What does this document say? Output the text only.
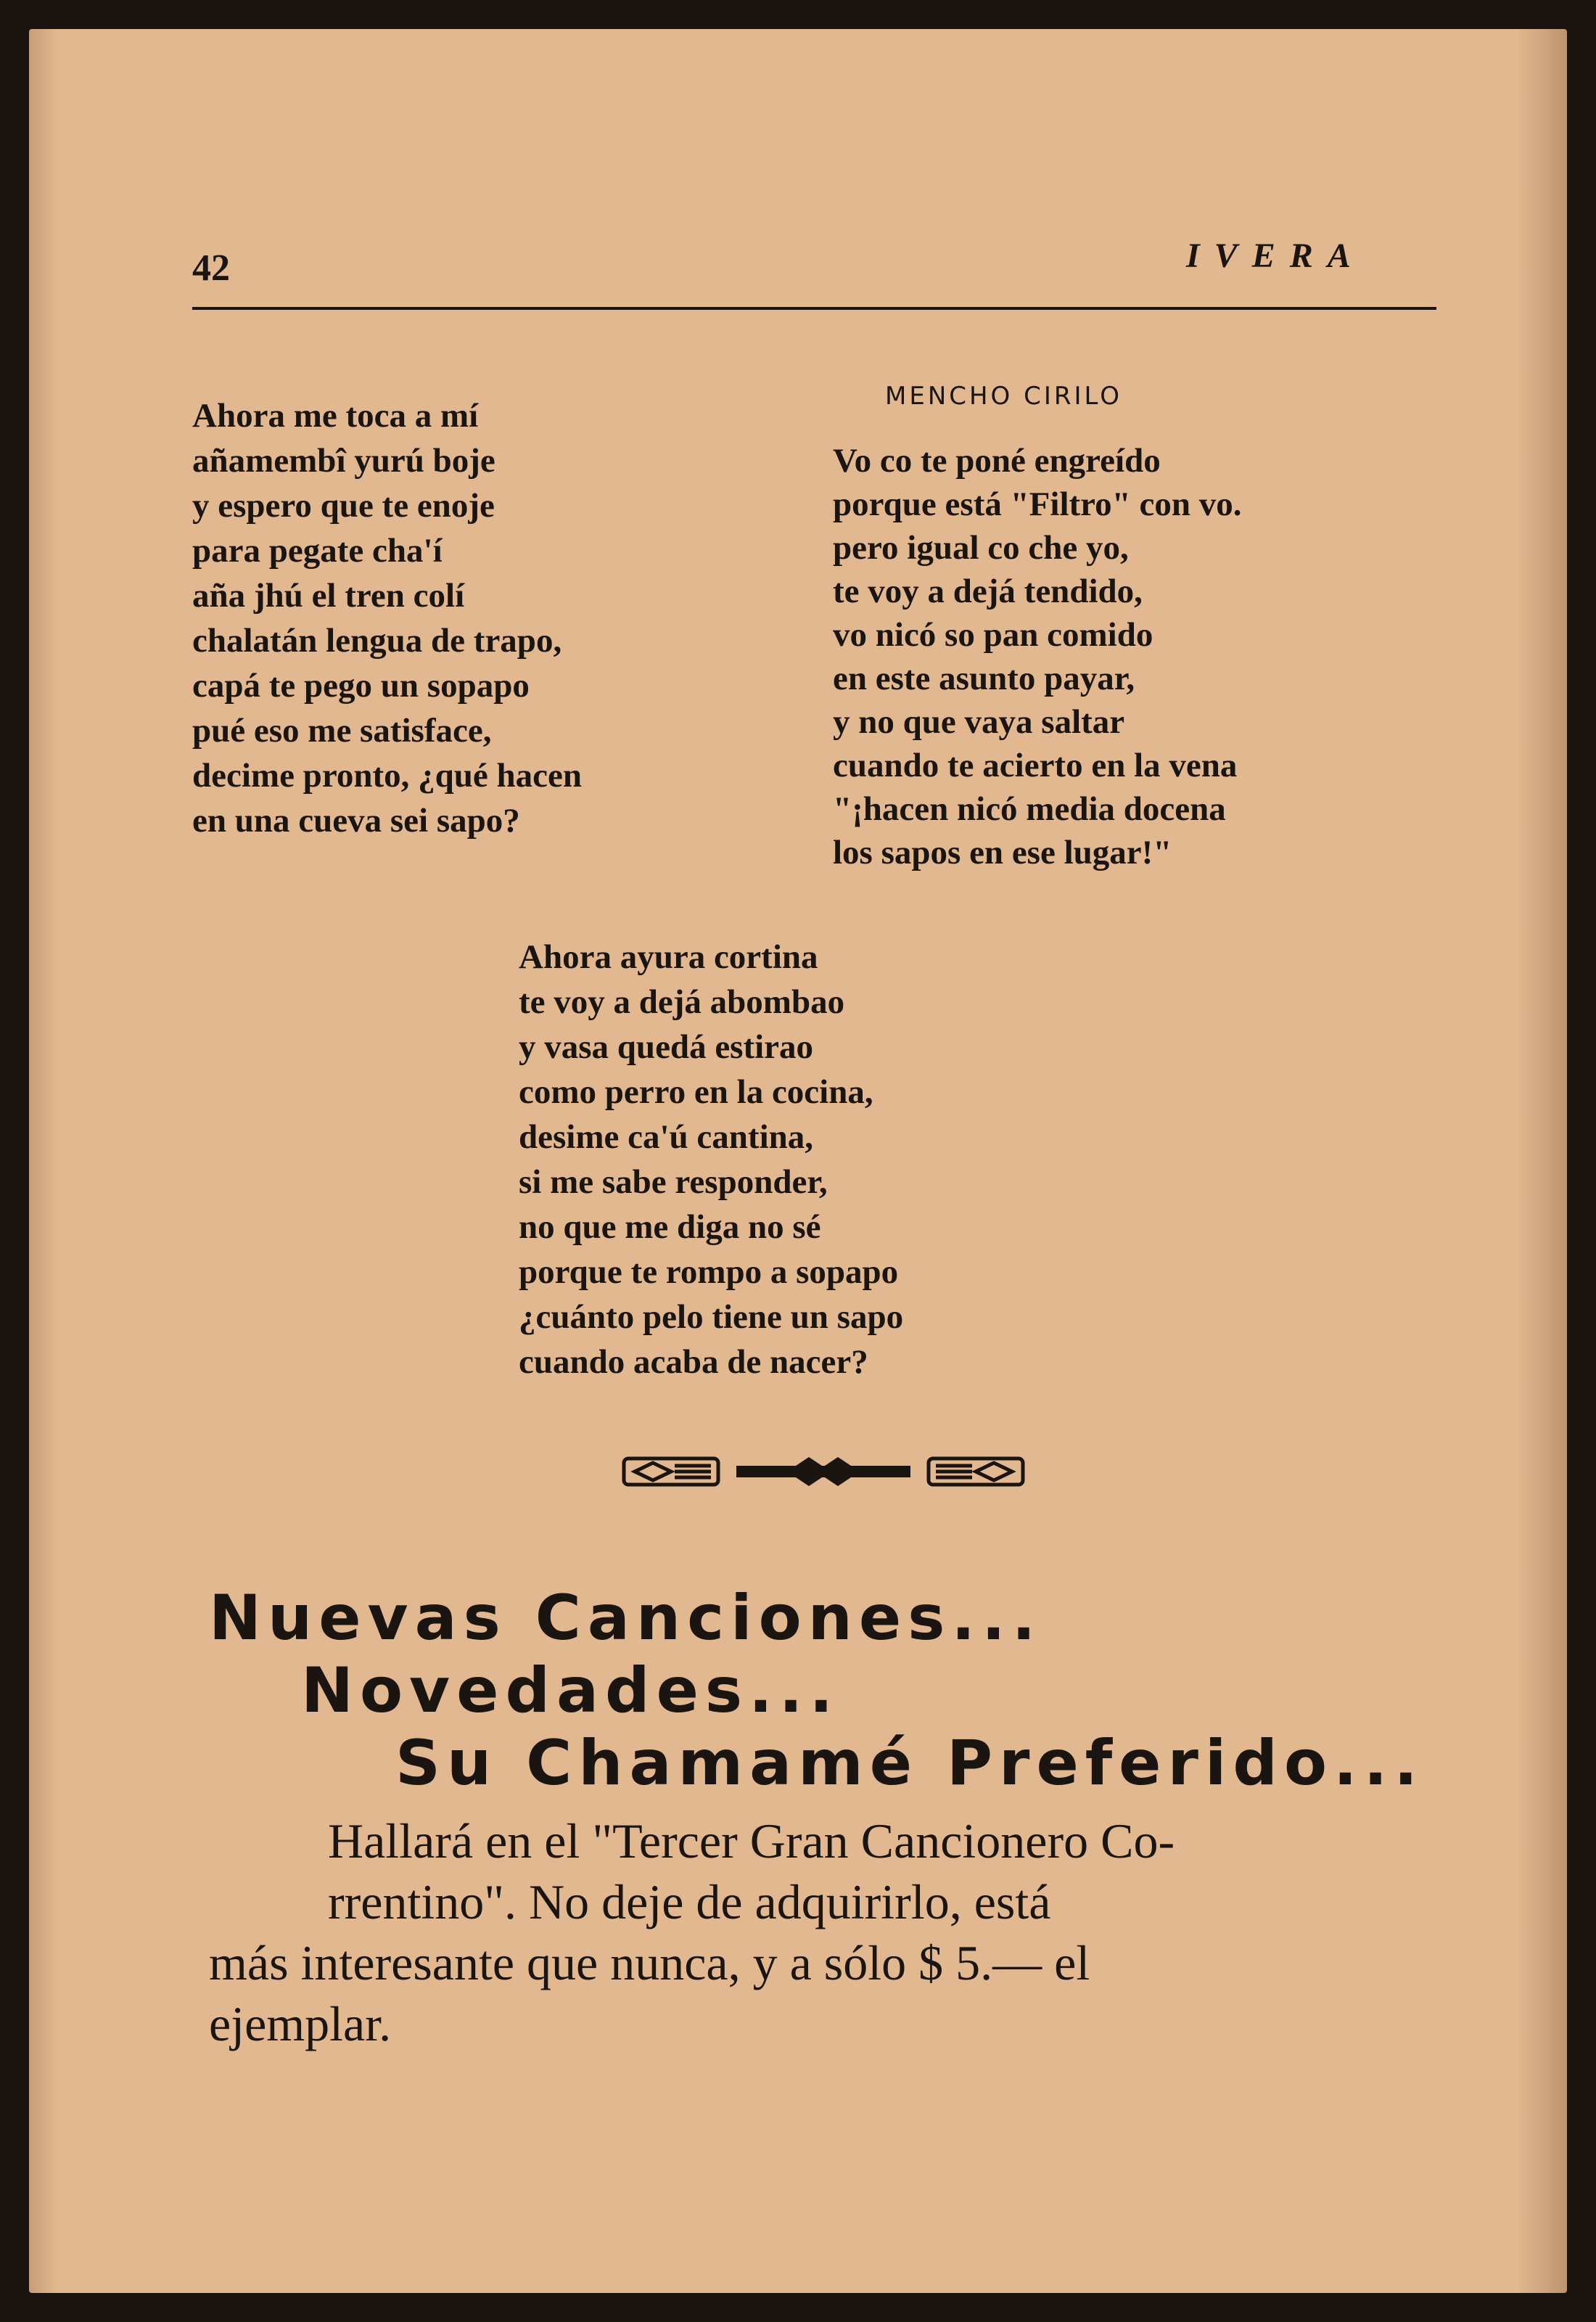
42	IVERA
Ahora me toca a mí
añamembî yurú boje
y espero que te enoje
para pegate cha'í
aña jhú el tren colí
chalatán lengua de trapo,
capá te pego un sopapo
pué eso me satisface,
decime pronto, ¿qué hacen
en una cueva sei sapo?
MENCHO CIRILO
Vo co te poné engreído
porque está "Filtro" con vo.
pero igual co che yo,
te voy a dejá tendido,
vo nicó so pan comido
en este asunto payar,
y no que vaya saltar
cuando te acierto en la vena
"¡hacen nicó media docena
los sapos en ese lugar!"
Ahora ayura cortina
te voy a dejá abombao
y vasa quedá estirao
como perro en la cocina,
desime ca'ú cantina,
si me sabe responder,
no que me diga no sé
porque te rompo a sopapo
¿cuánto pelo tiene un sapo
cuando acaba de nacer?
Nuevas Canciones...
Novedades...
Su Chamamé Preferido...
Hallará en el "Tercer Gran Cancionero Co-
rrentino". No deje de adquirirlo, está
más interesante que nunca, y a sólo $ 5.— el
ejemplar.
